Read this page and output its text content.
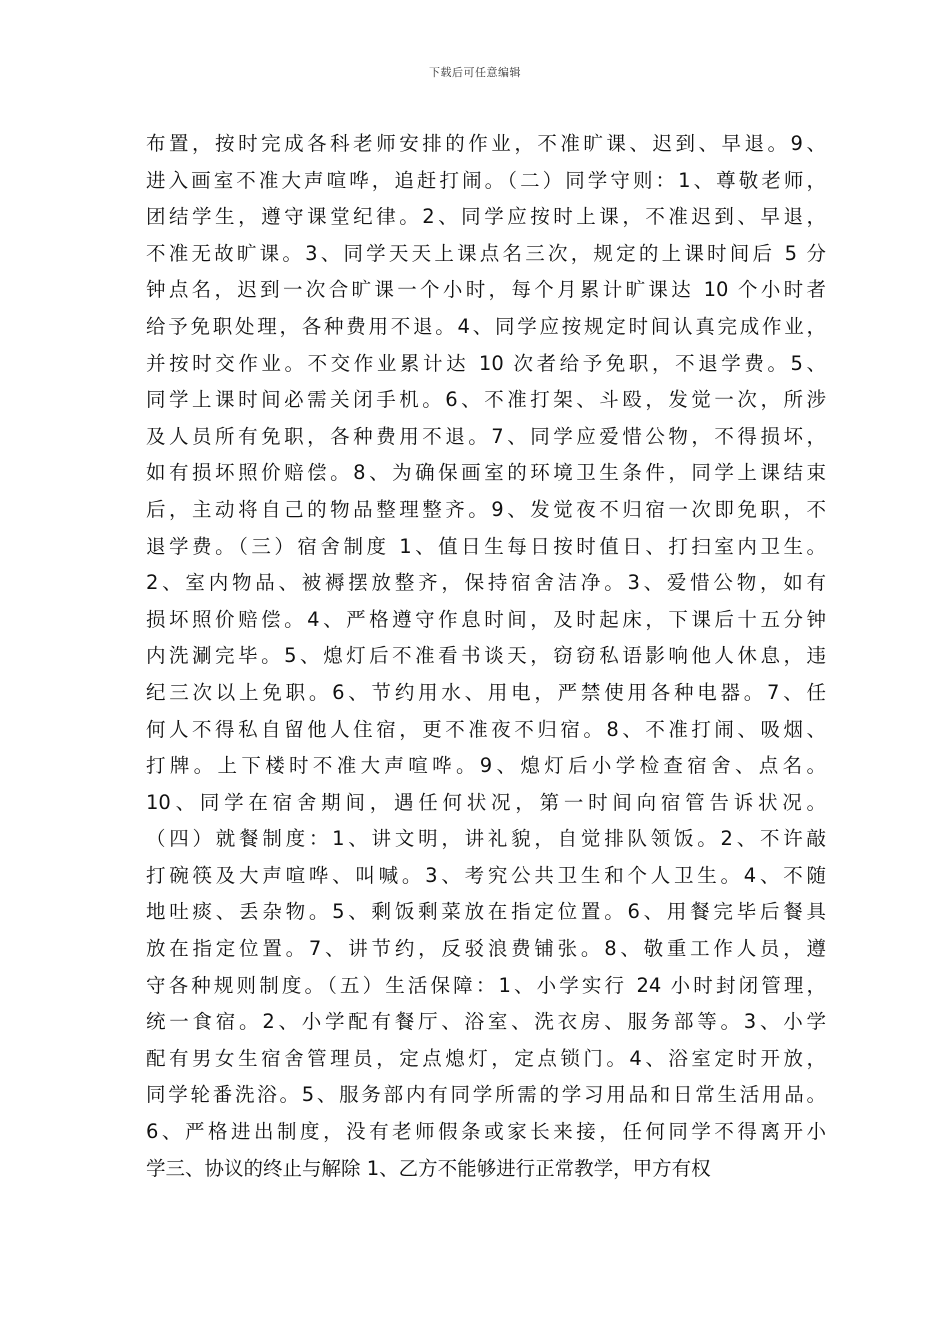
下载后可任意编辑
布置，按时完成各科老师安排的作业，不准旷课、迟到、早退。9、
进入画室不准大声喧哗，追赶打闹。（二）同学守则：1、尊敬老师，
团结学生，遵守课堂纪律。2、同学应按时上课，不准迟到、早退，
不准无故旷课。3、同学天天上课点名三次，规定的上课时间后 5 分
钟点名，迟到一次合旷课一个小时，每个月累计旷课达 10 个小时者
给予免职处理，各种费用不退。4、同学应按规定时间认真完成作业，
并按时交作业。不交作业累计达 10 次者给予免职，不退学费。5、
同学上课时间必需关闭手机。6、不准打架、斗殴，发觉一次，所涉
及人员所有免职，各种费用不退。7、同学应爱惜公物，不得损坏，
如有损坏照价赔偿。8、为确保画室的环境卫生条件，同学上课结束
后，主动将自己的物品整理整齐。9、发觉夜不归宿一次即免职，不
退学费。（三）宿舍制度 1、值日生每日按时值日、打扫室内卫生。
2、室内物品、被褥摆放整齐，保持宿舍洁净。3、爱惜公物，如有
损坏照价赔偿。4、严格遵守作息时间，及时起床，下课后十五分钟
内洗涮完毕。5、熄灯后不准看书谈天，窃窃私语影响他人休息，违
纪三次以上免职。6、节约用水、用电，严禁使用各种电器。7、任
何人不得私自留他人住宿，更不准夜不归宿。8、不准打闹、吸烟、
打牌。上下楼时不准大声喧哗。9、熄灯后小学检查宿舍、点名。
10、同学在宿舍期间，遇任何状况，第一时间向宿管告诉状况。
（四）就餐制度：1、讲文明，讲礼貌，自觉排队领饭。2、不许敲
打碗筷及大声喧哗、叫喊。3、考究公共卫生和个人卫生。4、不随
地吐痰、丢杂物。5、剩饭剩菜放在指定位置。6、用餐完毕后餐具
放在指定位置。7、讲节约，反驳浪费铺张。8、敬重工作人员，遵
守各种规则制度。（五）生活保障：1、小学实行 24 小时封闭管理，
统一食宿。2、小学配有餐厅、浴室、洗衣房、服务部等。3、小学
配有男女生宿舍管理员，定点熄灯，定点锁门。4、浴室定时开放，
同学轮番洗浴。5、服务部内有同学所需的学习用品和日常生活用品。
6、严格进出制度，没有老师假条或家长来接，任何同学不得离开小
学三、协议的终止与解除 1、乙方不能够进行正常教学，甲方有权
